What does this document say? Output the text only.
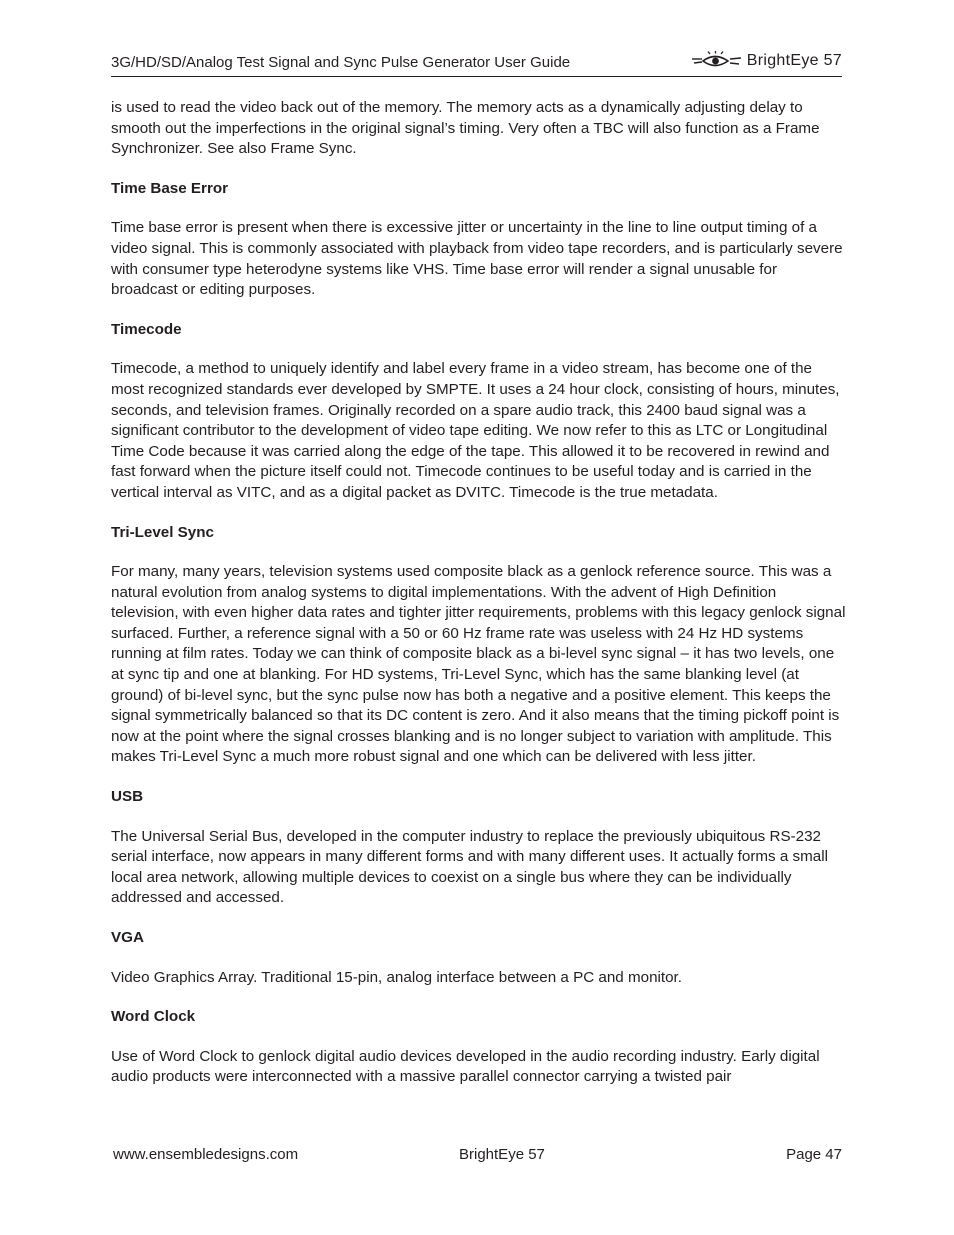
3G/HD/SD/Analog Test Signal and Sync Pulse Generator User Guide	BrightEye 57

is used to read the video back out of the memory. The memory acts as a dynamically adjusting delay to smooth out the imperfections in the original signal’s timing. Very often a TBC will also function as a Frame Synchronizer. See also Frame Sync.

Time Base Error

Time base error is present when there is excessive jitter or uncertainty in the line to line output timing of a video signal. This is commonly associated with playback from video tape recorders, and is particularly severe with consumer type heterodyne systems like VHS. Time base error will render a signal unusable for broadcast or editing purposes.

Timecode

Timecode, a method to uniquely identify and label every frame in a video stream, has become one of the most recognized standards ever developed by SMPTE. It uses a 24 hour clock, consisting of hours, minutes, seconds, and television frames. Originally recorded on a spare audio track, this 2400 baud signal was a significant contributor to the development of video tape editing. We now refer to this as LTC or Longitudinal Time Code because it was carried along the edge of the tape. This allowed it to be recovered in rewind and fast forward when the picture itself could not. Timecode continues to be useful today and is carried in the vertical interval as VITC, and as a digital packet as DVITC. Timecode is the true metadata.

Tri-Level Sync

For many, many years, television systems used composite black as a genlock reference source. This was a natural evolution from analog systems to digital implementations. With the advent of High Definition television, with even higher data rates and tighter jitter requirements, problems with this legacy genlock signal surfaced. Further, a reference signal with a 50 or 60 Hz frame rate was useless with 24 Hz HD systems running at film rates. Today we can think of composite black as a bi-level sync signal – it has two levels, one at sync tip and one at blanking. For HD systems, Tri-Level Sync, which has the same blanking level (at ground) of bi-level sync, but the sync pulse now has both a negative and a positive element. This keeps the signal symmetrically balanced so that its DC content is zero. And it also means that the timing pickoff point is now at the point where the signal crosses blanking and is no longer subject to variation with amplitude. This makes Tri-Level Sync a much more robust signal and one which can be delivered with less jitter.

USB

The Universal Serial Bus, developed in the computer industry to replace the previously ubiquitous RS-232 serial interface, now appears in many different forms and with many different uses. It actually forms a small local area network, allowing multiple devices to coexist on a single bus where they can be individually addressed and accessed.

VGA

Video Graphics Array. Traditional 15-pin, analog interface between a PC and monitor.

Word Clock

Use of Word Clock to genlock digital audio devices developed in the audio recording industry. Early digital audio products were interconnected with a massive parallel connector carrying a twisted pair

www.ensembledesigns.com	BrightEye 57	Page 47
